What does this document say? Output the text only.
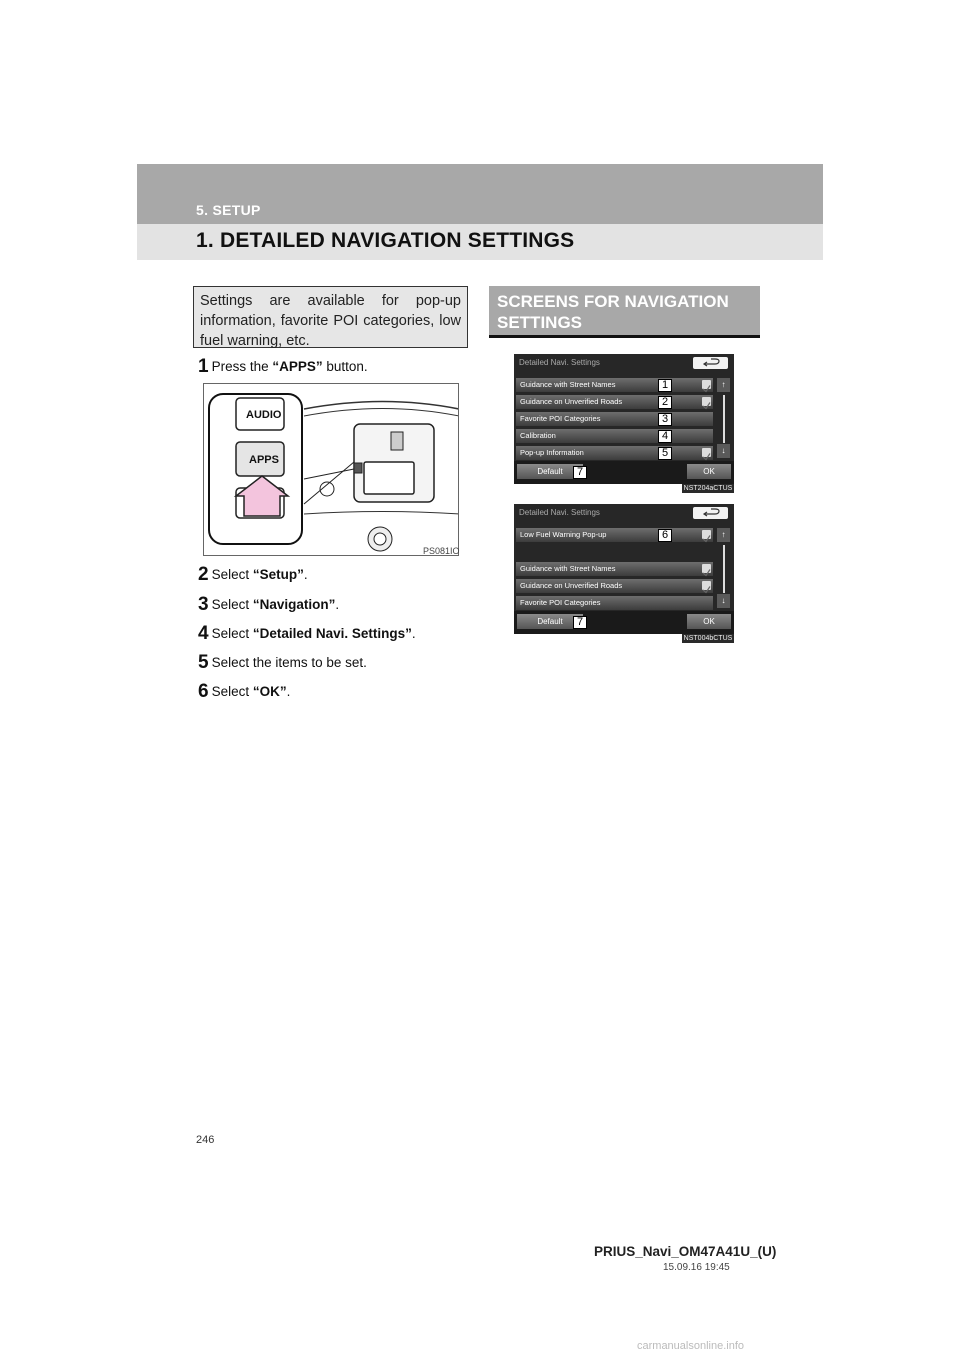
5. SETUP
1. DETAILED NAVIGATION SETTINGS
Settings are available for pop-up information, favorite POI categories, low fuel warning, etc.
1 Press the “APPS” button.
AUDIO
APPS
PS081IO
2 Select “Setup”.
3 Select “Navigation”.
4 Select “Detailed Navi. Settings”.
5 Select the items to be set.
6 Select “OK”.
SCREENS FOR NAVIGATION
SETTINGS
Detailed Navi. Settings
Guidance with Street Names	1
Guidance on Unverified Roads	2
Favorite POI Categories	3
Calibration	4
Pop-up Information	5
↑
↓
Default	7	OK
NST204aCTUS
Detailed Navi. Settings
Low Fuel Warning Pop-up	6
Guidance with Street Names
Guidance on Unverified Roads
Favorite POI Categories
↑
↓
Default	7	OK
NST004bCTUS
246
PRIUS_Navi_OM47A41U_(U)
15.09.16 19:45
carmanualsonline.info
